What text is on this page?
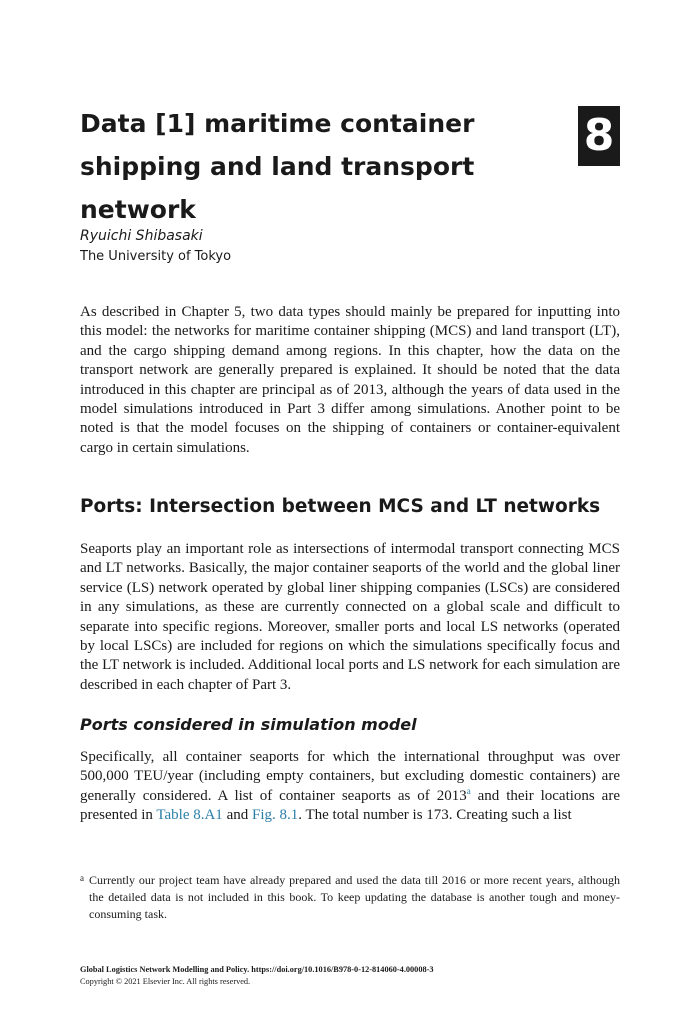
Data [1] maritime container shipping and land transport network
8
Ryuichi Shibasaki
The University of Tokyo

As described in Chapter 5, two data types should mainly be prepared for inputting into this model: the networks for maritime container shipping (MCS) and land transport (LT), and the cargo shipping demand among regions. In this chapter, how the data on the transport network are generally prepared is explained. It should be noted that the data introduced in this chapter are principal as of 2013, although the years of data used in the model simulations introduced in Part 3 differ among simulations. Another point to be noted is that the model focuses on the shipping of containers or container-equivalent cargo in certain simulations.

Ports: Intersection between MCS and LT networks

Seaports play an important role as intersections of intermodal transport connecting MCS and LT networks. Basically, the major container seaports of the world and the global liner service (LS) network operated by global liner shipping companies (LSCs) are considered in any simulations, as these are currently connected on a global scale and difficult to separate into specific regions. Moreover, smaller ports and local LS networks (operated by local LSCs) are included for regions on which the simulations specifically focus and the LT network is included. Additional local ports and LS network for each simulation are described in each chapter of Part 3.

Ports considered in simulation model

Specifically, all container seaports for which the international throughput was over 500,000 TEU/year (including empty containers, but excluding domestic containers) are generally considered. A list of container seaports as of 2013$^a$ and their locations are presented in Table 8.A1 and Fig. 8.1. The total number is 173. Creating such a list

a Currently our project team have already prepared and used the data till 2016 or more recent years, although the detailed data is not included in this book. To keep updating the database is another tough and money-consuming task.
Global Logistics Network Modelling and Policy. https://doi.org/10.1016/B978-0-12-814060-4.00008-3
Copyright © 2021 Elsevier Inc. All rights reserved.
